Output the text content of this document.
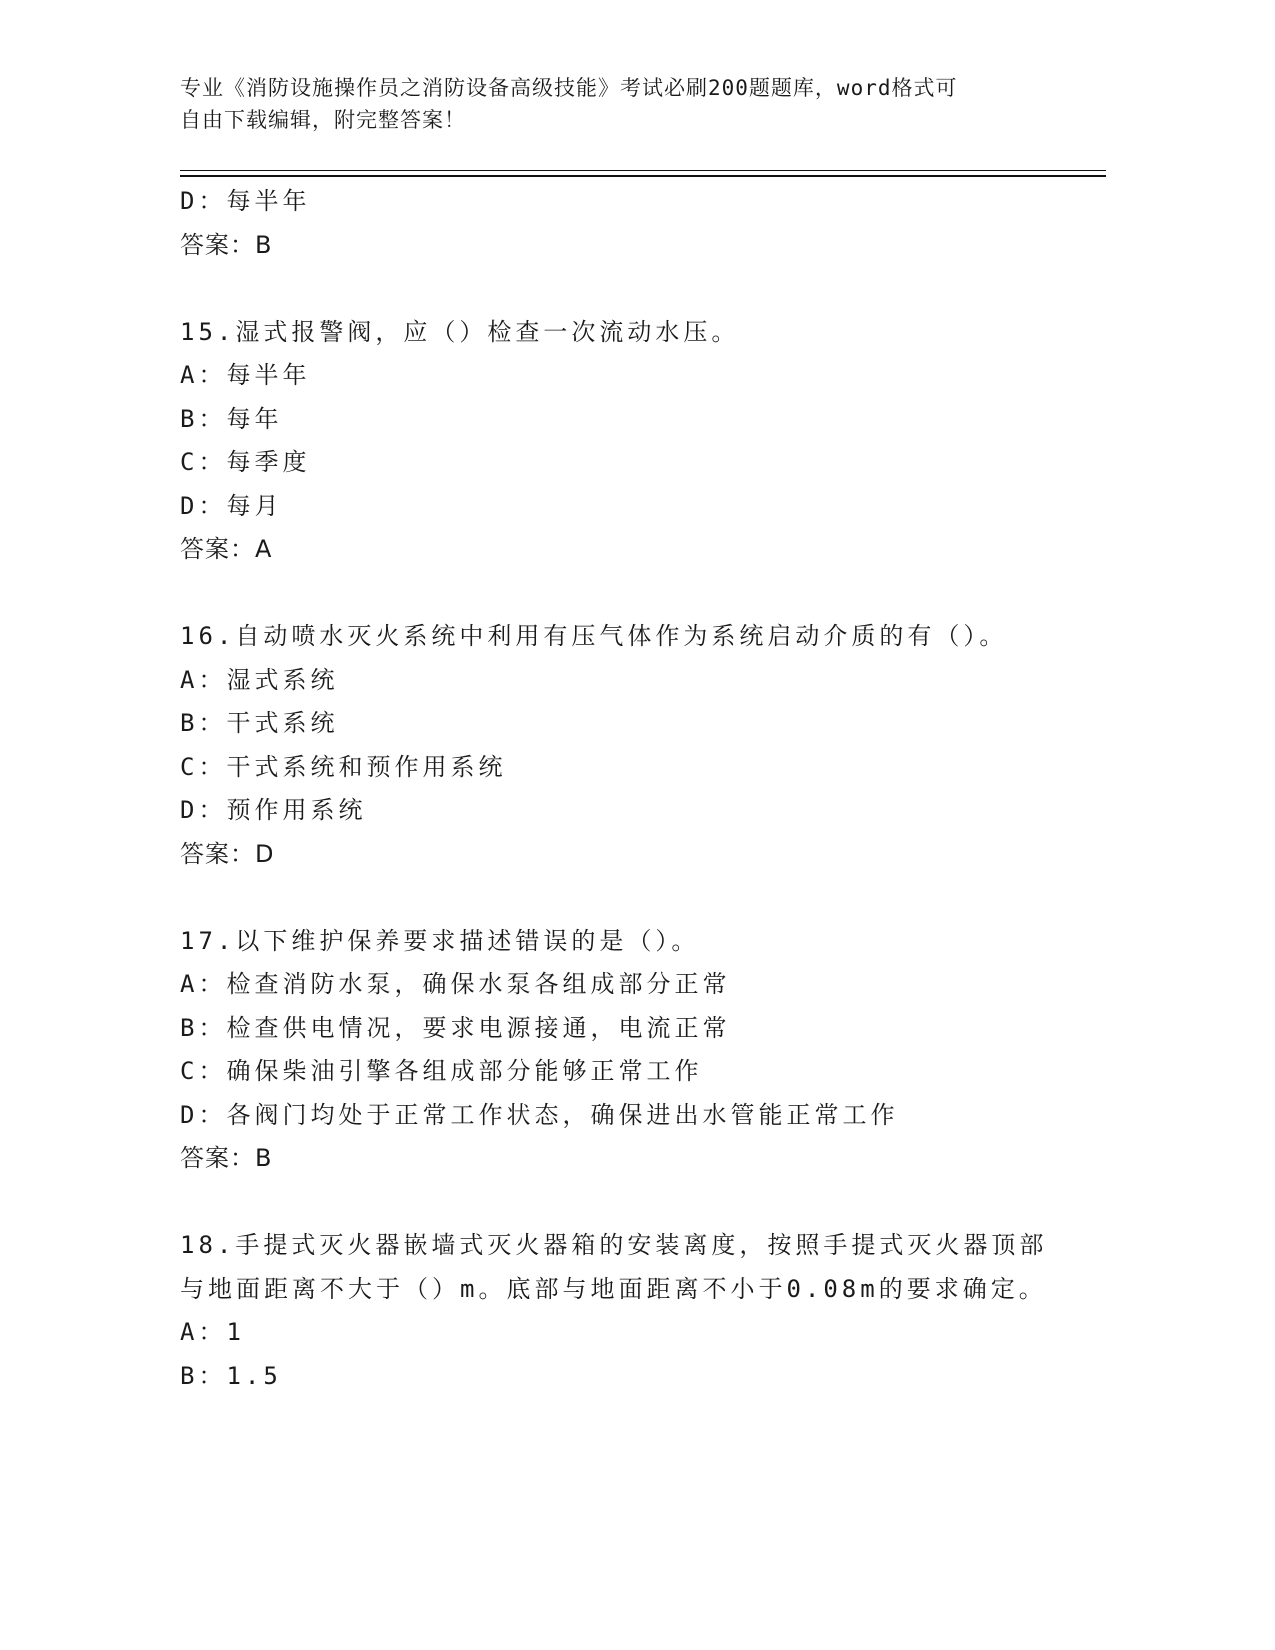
专业《消防设施操作员之消防设备高级技能》考试必刷200题题库，word格式可
自由下载编辑，附完整答案！
D：每半年
答案：B
15.湿式报警阀，应（）检查一次流动水压。
A：每半年
B：每年
C：每季度
D：每月
答案：A
16.自动喷水灭火系统中利用有压气体作为系统启动介质的有（）。
A：湿式系统
B：干式系统
C：干式系统和预作用系统
D：预作用系统
答案：D
17.以下维护保养要求描述错误的是（）。
A：检查消防水泵，确保水泵各组成部分正常
B：检查供电情况，要求电源接通，电流正常
C：确保柴油引擎各组成部分能够正常工作
D：各阀门均处于正常工作状态，确保进出水管能正常工作
答案：B
18.手提式灭火器嵌墙式灭火器箱的安装离度，按照手提式灭火器顶部
与地面距离不大于（）m。底部与地面距离不小于0.08m的要求确定。
A：1
B：1.5
